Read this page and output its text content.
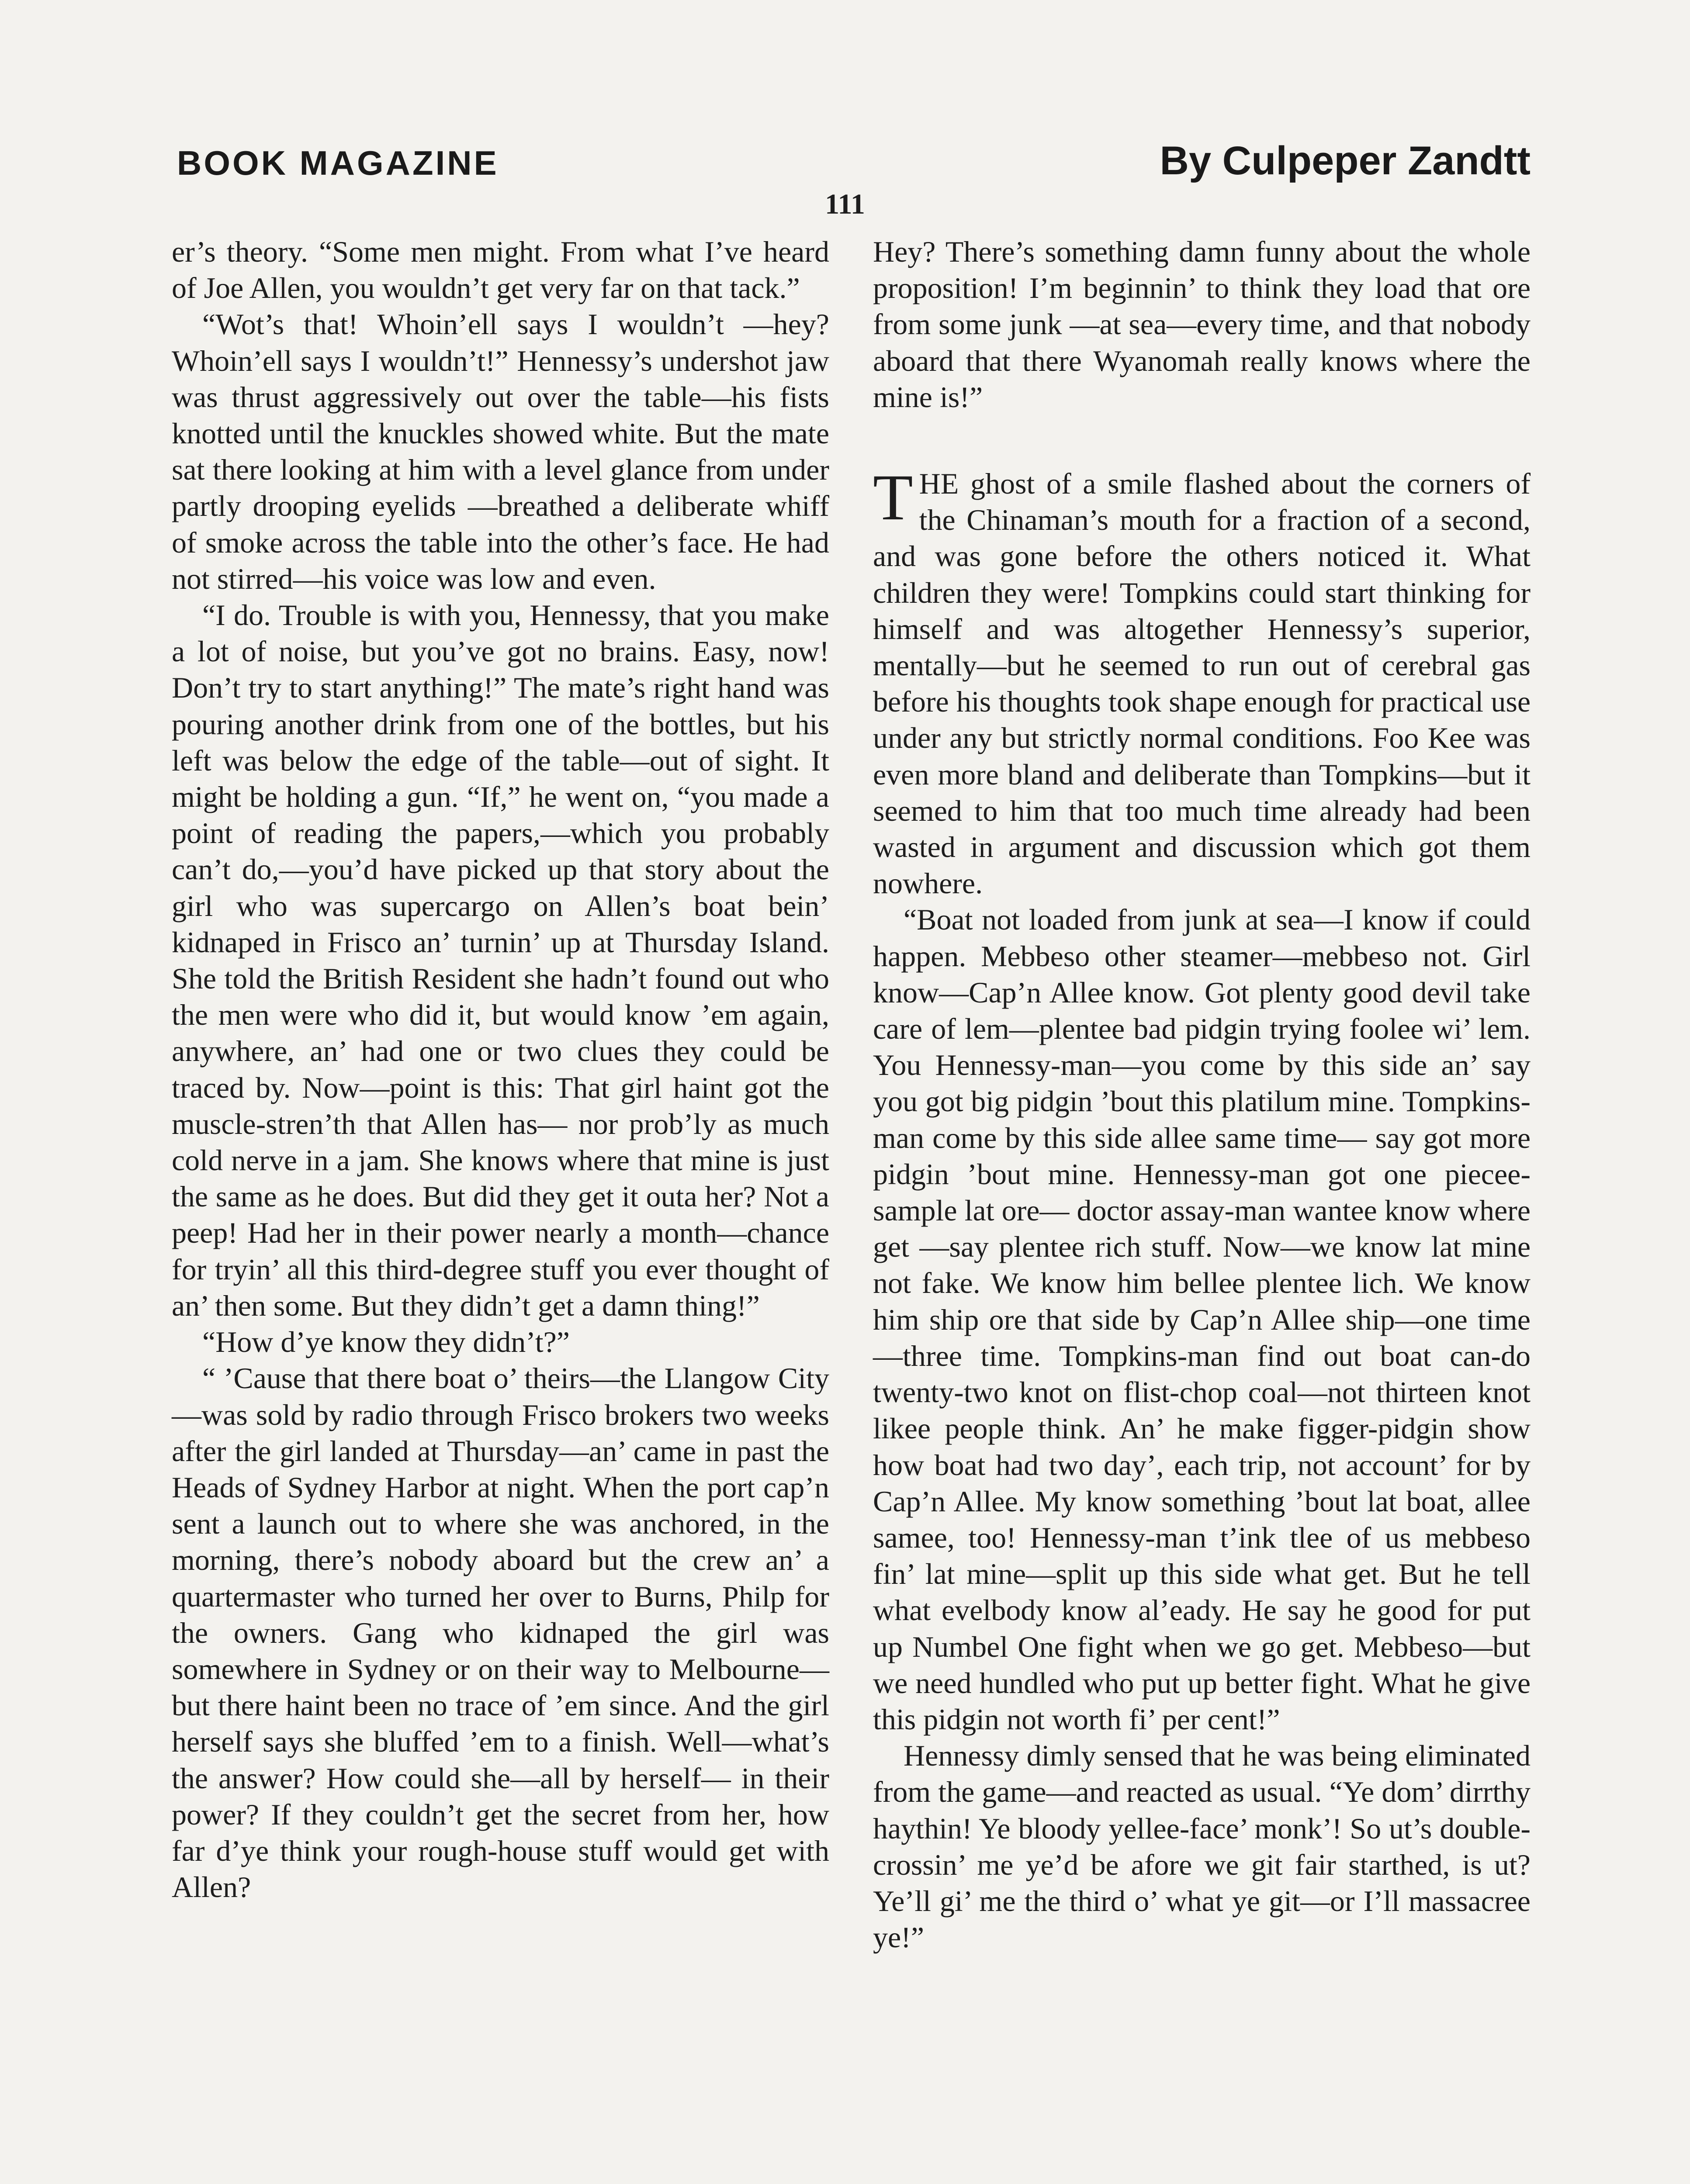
BOOK MAGAZINE	By Culpeper Zandtt
111

er’s theory. “Some men might. From what I’ve heard of Joe Allen, you wouldn’t get very far on that tack.”

“Wot’s that! Whoin’ell says I wouldn’t —hey? Whoin’ell says I wouldn’t!” Hennessy’s undershot jaw was thrust aggressively out over the table—his fists knotted until the knuckles showed white. But the mate sat there looking at him with a level glance from under partly drooping eyelids —breathed a deliberate whiff of smoke across the table into the other’s face. He had not stirred—his voice was low and even.

“I do. Trouble is with you, Hennessy, that you make a lot of noise, but you’ve got no brains. Easy, now! Don’t try to start anything!” The mate’s right hand was pouring another drink from one of the bottles, but his left was below the edge of the table—out of sight. It might be holding a gun. “If,” he went on, “you made a point of reading the papers,—which you probably can’t do,—you’d have picked up that story about the girl who was supercargo on Allen’s boat bein’ kidnaped in Frisco an’ turnin’ up at Thursday Island. She told the British Resident she hadn’t found out who the men were who did it, but would know ’em again, anywhere, an’ had one or two clues they could be traced by. Now—point is this: That girl haint got the muscle-stren’th that Allen has— nor prob’ly as much cold nerve in a jam. She knows where that mine is just the same as he does. But did they get it outa her? Not a peep! Had her in their power nearly a month—chance for tryin’ all this third-degree stuff you ever thought of an’ then some. But they didn’t get a damn thing!”

“How d’ye know they didn’t?”

“ ’Cause that there boat o’ theirs—the Llangow City—was sold by radio through Frisco brokers two weeks after the girl landed at Thursday—an’ came in past the Heads of Sydney Harbor at night. When the port cap’n sent a launch out to where she was anchored, in the morning, there’s nobody aboard but the crew an’ a quartermaster who turned her over to Burns, Philp for the owners. Gang who kidnaped the girl was somewhere in Sydney or on their way to Melbourne—but there haint been no trace of ’em since. And the girl herself says she bluffed ’em to a finish. Well—what’s the answer? How could she—all by herself— in their power? If they couldn’t get the secret from her, how far d’ye think your rough-house stuff would get with Allen?

Hey? There’s something damn funny about the whole proposition! I’m beginnin’ to think they load that ore from some junk —at sea—every time, and that nobody aboard that there Wyanomah really knows where the mine is!”

THE ghost of a smile flashed about the corners of the Chinaman’s mouth for a fraction of a second, and was gone before the others noticed it. What children they were! Tompkins could start thinking for himself and was altogether Hennessy’s superior, mentally—but he seemed to run out of cerebral gas before his thoughts took shape enough for practical use under any but strictly normal conditions. Foo Kee was even more bland and deliberate than Tompkins—but it seemed to him that too much time already had been wasted in argument and discussion which got them nowhere.

“Boat not loaded from junk at sea—I know if could happen. Mebbeso other steamer—mebbeso not. Girl know—Cap’n Allee know. Got plenty good devil take care of lem—plentee bad pidgin trying foolee wi’ lem. You Hennessy-man—you come by this side an’ say you got big pidgin ’bout this platilum mine. Tompkins-man come by this side allee same time— say got more pidgin ’bout mine. Hennessy-man got one piecee-sample lat ore— doctor assay-man wantee know where get —say plentee rich stuff. Now—we know lat mine not fake. We know him bellee plentee lich. We know him ship ore that side by Cap’n Allee ship—one time—three time. Tompkins-man find out boat can-do twenty-two knot on flist-chop coal—not thirteen knot likee people think. An’ he make figger-pidgin show how boat had two day’, each trip, not account’ for by Cap’n Allee. My know something ’bout lat boat, allee samee, too! Hennessy-man t’ink tlee of us mebbeso fin’ lat mine—split up this side what get. But he tell what evelbody know al’eady. He say he good for put up Numbel One fight when we go get. Mebbeso—but we need hundled who put up better fight. What he give this pidgin not worth fi’ per cent!”

Hennessy dimly sensed that he was being eliminated from the game—and reacted as usual. “Ye dom’ dirrthy haythin! Ye bloody yellee-face’ monk’! So ut’s double-crossin’ me ye’d be afore we git fair starthed, is ut? Ye’ll gi’ me the third o’ what ye git—or I’ll massacree ye!”
